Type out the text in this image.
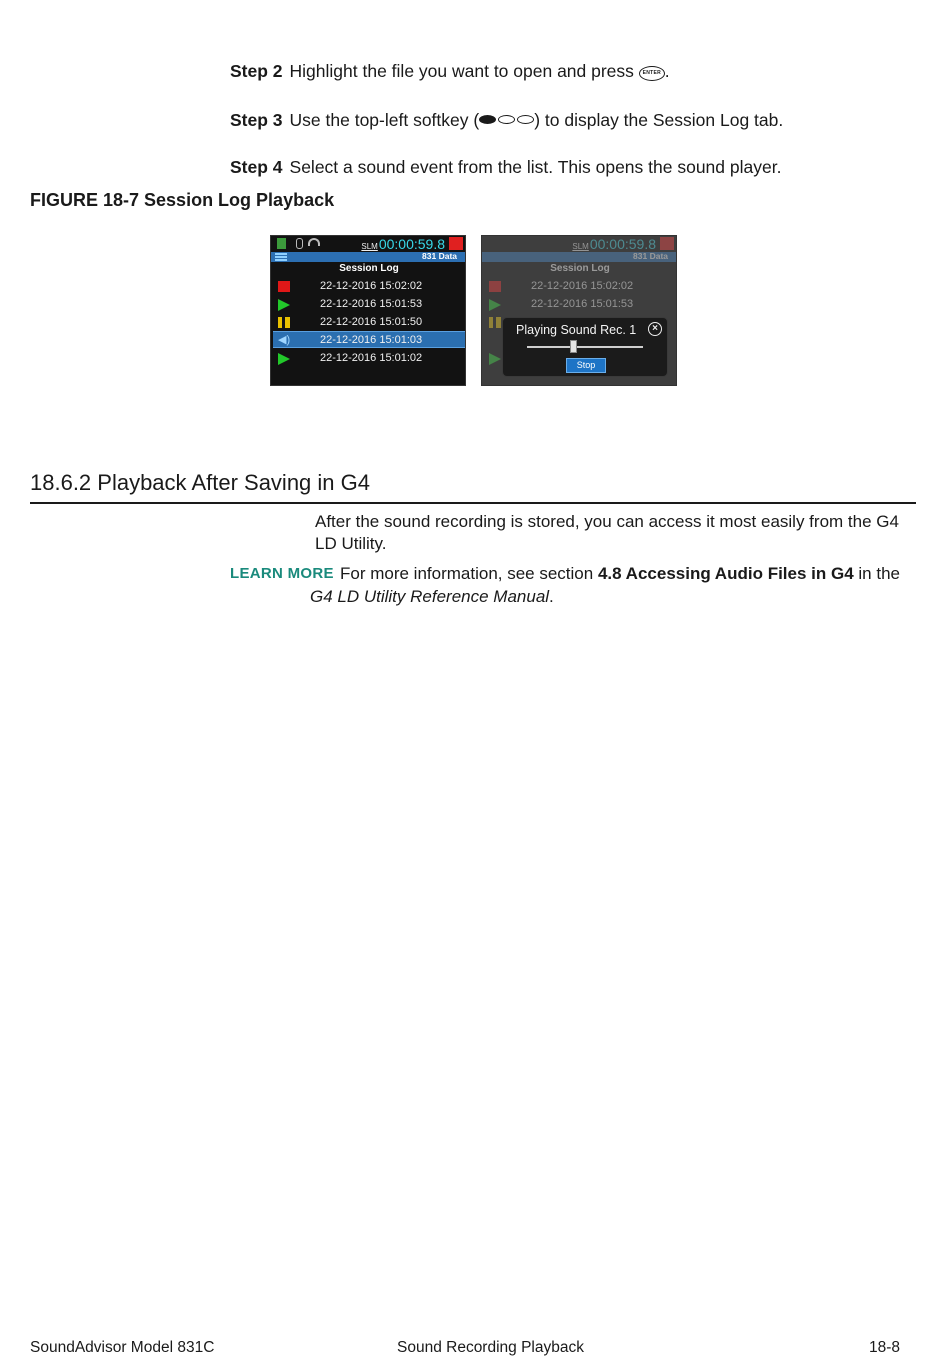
Step 2 Highlight the file you want to open and press ENTER .
Step 3 Use the top-left softkey (	) to display the Session Log tab.
Step 4 Select a sound event from the list. This opens the sound player.
FIGURE 18-7 Session Log Playback
SLM00:00:59.8
831 Data
Session Log
22-12-2016 15:02:02
22-12-2016 15:01:53
22-12-2016 15:01:50
◀)	22-12-2016 15:01:03
22-12-2016 15:01:02
Playing Sound Rec. 1	×
Stop
18.6.2 Playback After Saving in G4
After the sound recording is stored, you can access it most easily from the G4 LD Utility.
LEARN MORE For more information, see section 4.8 Accessing Audio Files in G4 in the
G4 LD Utility Reference Manual.
SoundAdvisor Model 831C	Sound Recording Playback	18-8
